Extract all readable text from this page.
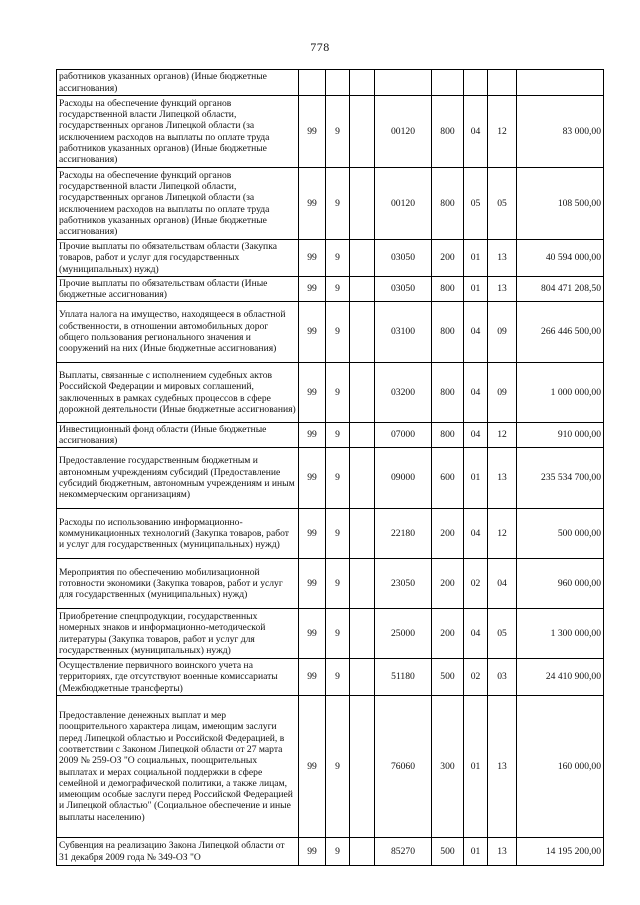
778
работников указанных органов) (Иные бюджетные ассигнования)								
Расходы на обеспечение функций органов государственной власти Липецкой области, государственных органов Липецкой области (за исключением расходов на выплаты по оплате труда работников указанных органов) (Иные бюджетные ассигнования)	99	9		00120	800	04	12	83 000,00
Расходы на обеспечение функций органов государственной власти Липецкой области, государственных органов Липецкой области (за исключением расходов на выплаты по оплате труда работников указанных органов) (Иные бюджетные ассигнования)	99	9		00120	800	05	05	108 500,00
Прочие выплаты по обязательствам области (Закупка товаров, работ и услуг для государственных (муниципальных) нужд)	99	9		03050	200	01	13	40 594 000,00
Прочие выплаты по обязательствам области (Иные бюджетные ассигнования)	99	9		03050	800	01	13	804 471 208,50
Уплата налога на имущество, находящееся в областной собственности, в отношении автомобильных дорог общего пользования регионального значения и сооружений на них (Иные бюджетные ассигнования)	99	9		03100	800	04	09	266 446 500,00
Выплаты, связанные с исполнением судебных актов Российской Федерации и мировых соглашений, заключенных в рамках судебных процессов в сфере дорожной деятельности (Иные бюджетные ассигнования)	99	9		03200	800	04	09	1 000 000,00
Инвестиционный фонд области (Иные бюджетные ассигнования)	99	9		07000	800	04	12	910 000,00
Предоставление государственным бюджетным и автономным учреждениям субсидий (Предоставление субсидий бюджетным, автономным учреждениям и иным некоммерческим организациям)	99	9		09000	600	01	13	235 534 700,00
Расходы по использованию информационно-коммуникационных технологий (Закупка товаров, работ и услуг для государственных (муниципальных) нужд)	99	9		22180	200	04	12	500 000,00
Мероприятия по обеспечению мобилизационной готовности экономики (Закупка товаров, работ и услуг для государственных (муниципальных) нужд)	99	9		23050	200	02	04	960 000,00
Приобретение спецпродукции, государственных номерных знаков и информационно-методической литературы (Закупка товаров, работ и услуг для государственных (муниципальных) нужд)	99	9		25000	200	04	05	1 300 000,00
Осуществление первичного воинского учета на территориях, где отсутствуют военные комиссариаты (Межбюджетные трансферты)	99	9		51180	500	02	03	24 410 900,00
Предоставление денежных выплат и мер поощрительного характера лицам, имеющим заслуги перед Липецкой областью и Российской Федерацией, в соответствии с Законом Липецкой области от 27 марта 2009 № 259-ОЗ "О социальных, поощрительных выплатах и мерах социальной поддержки в сфере семейной и демографической политики, а также лицам, имеющим особые заслуги перед Российской Федерацией и Липецкой областью" (Социальное обеспечение и иные выплаты населению)	99	9		76060	300	01	13	160 000,00
Субвенция на реализацию Закона Липецкой области от 31 декабря 2009 года № 349-ОЗ "О	99	9		85270	500	01	13	14 195 200,00
